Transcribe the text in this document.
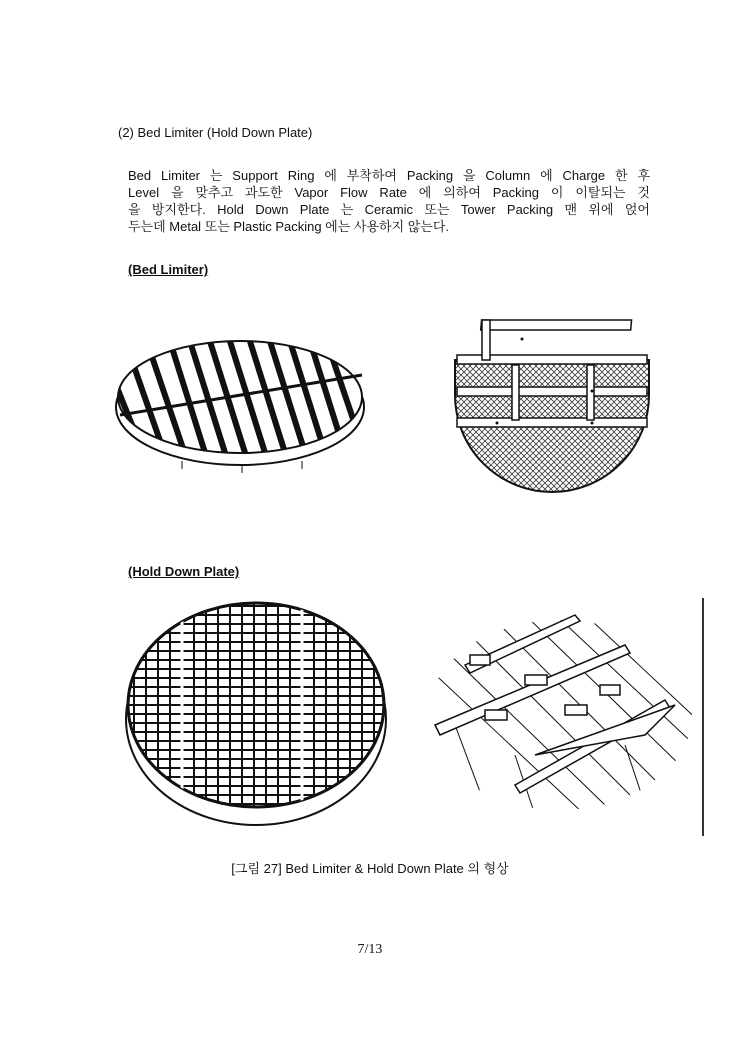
(2) Bed Limiter (Hold Down Plate)
Bed Limiter 는 Support Ring 에 부착하여 Packing 을 Column 에 Charge 한 후
Level 을 맞추고 과도한 Vapor Flow Rate 에 의하여 Packing 이 이탈되는 것
을 방지한다. Hold Down Plate 는 Ceramic 또는 Tower Packing 맨 위에 얹어
두는데 Metal 또는 Plastic Packing 에는 사용하지 않는다.
(Bed Limiter)
(Hold Down Plate)
[그림 27] Bed Limiter & Hold Down Plate 의 형상
7/13
